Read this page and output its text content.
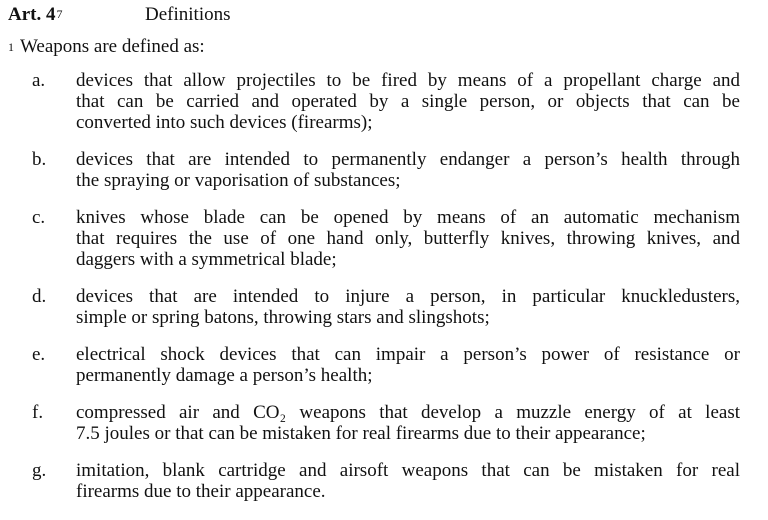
Art. $4^7$	Definitions
$^1$ Weapons are defined as:
a. devices that allow projectiles to be fired by means of a propellant charge and
that can be carried and operated by a single person, or objects that can be
converted into such devices (firearms);
b. devices that are intended to permanently endanger a person’s health through
the spraying or vaporisation of substances;
c. knives whose blade can be opened by means of an automatic mechanism
that requires the use of one hand only, butterfly knives, throwing knives, and
daggers with a symmetrical blade;
d. devices that are intended to injure a person, in particular knuckledusters,
simple or spring batons, throwing stars and slingshots;
e. electrical shock devices that can impair a person’s power of resistance or
permanently damage a person’s health;
f. compressed air and CO₂ weapons that develop a muzzle energy of at least
7.5 joules or that can be mistaken for real firearms due to their appearance;
g. imitation, blank cartridge and airsoft weapons that can be mistaken for real
firearms due to their appearance.
